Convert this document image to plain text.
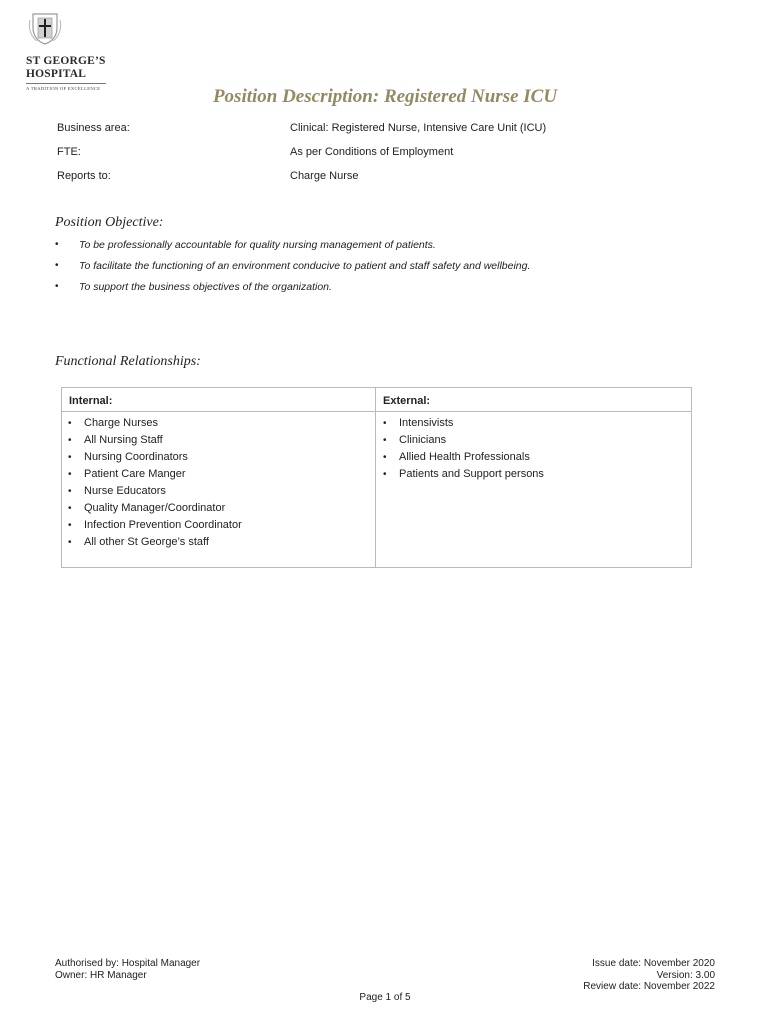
ST GEORGE’S
HOSPITAL
A TRADITION OF EXCELLENCE	Position Description: Registered Nurse ICU
Business area:	Clinical: Registered Nurse, Intensive Care Unit (ICU)
FTE:	As per Conditions of Employment
Reports to:	Charge Nurse
Position Objective:
• To be professionally accountable for quality nursing management of patients.
• To facilitate the functioning of an environment conducive to patient and staff safety and wellbeing.
• To support the business objectives of the organization.
Functional Relationships:
Internal:
• Charge Nurses
• All Nursing Staff
• Nursing Coordinators
• Patient Care Manger
• Nurse Educators
• Quality Manager/Coordinator
• Infection Prevention Coordinator
• All other St George’s staff
External:
• Intensivists
• Clinicians
• Allied Health Professionals
• Patients and Support persons
Authorised by: Hospital Manager
Owner: HR Manager
Issue date: November 2020
Version: 3.00
Review date: November 2022
Page 1 of 5
